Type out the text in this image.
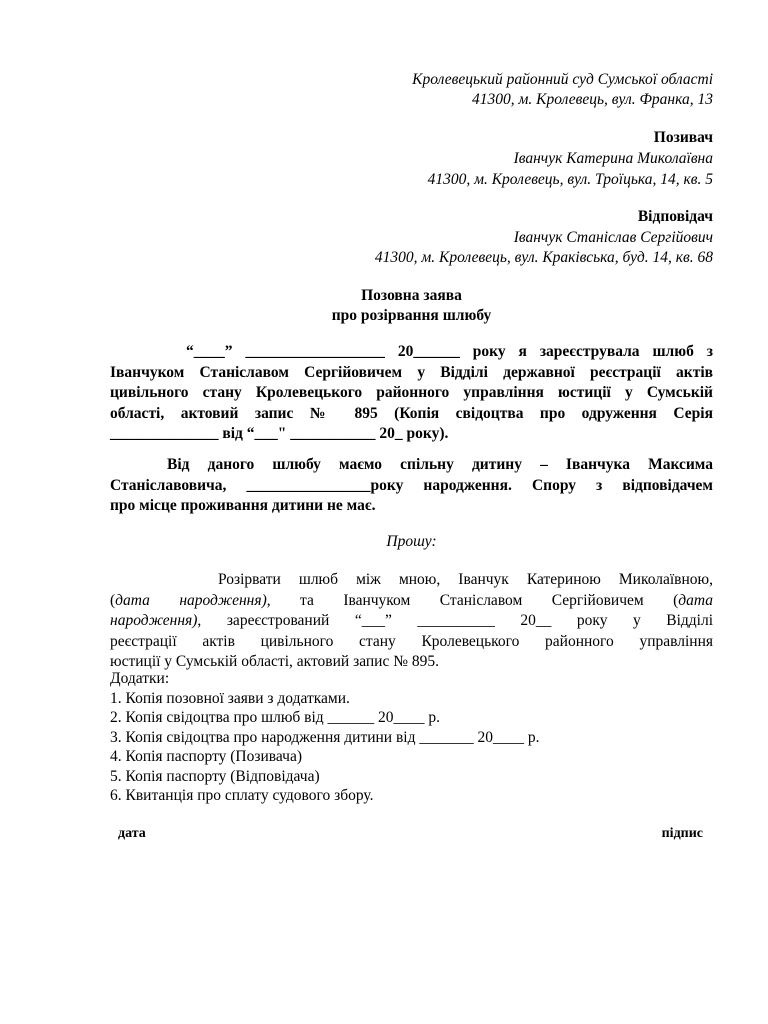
Кролевецький районний суд Сумської області
41300, м. Кролевець, вул. Франка, 13
Позивач
Іванчук Катерина Миколаївна
41300, м. Кролевець, вул. Троїцька, 14, кв. 5
Відповідач
Іванчук Станіслав Сергійович
41300, м. Кролевець, вул. Краківська, буд. 14, кв. 68
Позовна заява
про розірвання шлюбу
“____” __________________ 20______ року я зареєструвала шлюб з
Іванчуком Станіславом Сергійовичем у Відділі державної реєстрації актів
цивільного стану Кролевецького районного управління юстиції у Сумській
області, актовий запис № 895 (Копія свідоцтва про одруження Серія
______________ від “___" ___________ 20_ року).
Від даного шлюбу маємо спільну дитину – Іванчука Максима
Станіславовича, ________________року народження. Спору з відповідачем
про місце проживання дитини не має.
Прошу:
Розірвати шлюб між мною, Іванчук Катериною Миколаївною,
(дата народження), та Іванчуком Станіславом Сергійовичем (дата
народження), зареєстрований “___” __________ 20__ року у Відділі
реєстрації актів цивільного стану Кролевецького районного управління
юстиції у Сумській області, актовий запис № 895.
Додатки:
1. Копія позовної заяви з додатками.
2. Копія свідоцтва про шлюб від ______ 20____ р.
3. Копія свідоцтва про народження дитини від _______ 20____ р.
4. Копія паспорту (Позивача)
5. Копія паспорту (Відповідача)
6. Квитанція про сплату судового збору.
дата	підпис
